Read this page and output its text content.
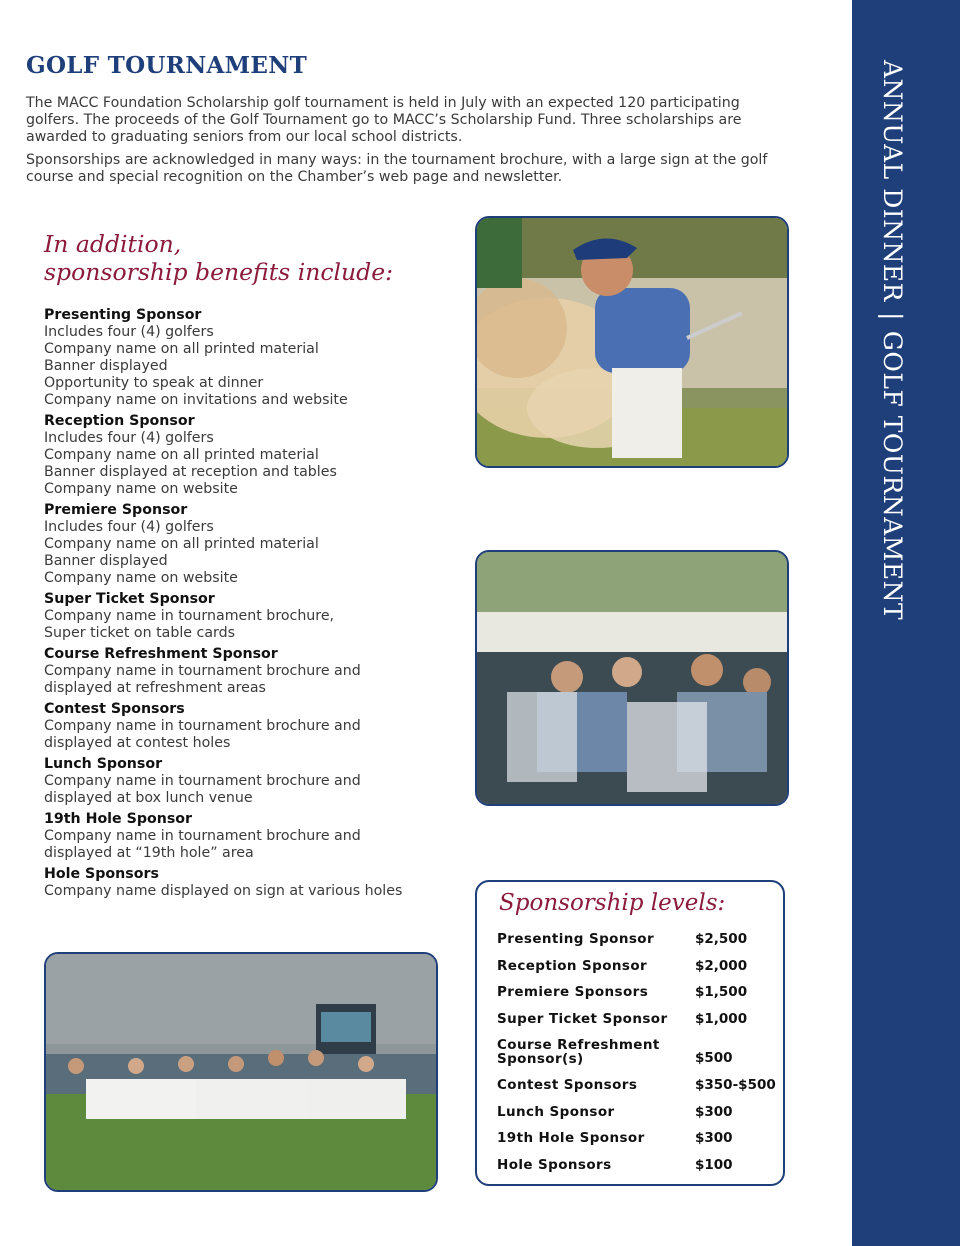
ANNUAL DINNER|GOLF TOURNAMENT
GOLF TOURNAMENT

The MACC Foundation Scholarship golf tournament is held in July with an expected 120 participating golfers. The proceeds of the Golf Tournament go to MACC’s Scholarship Fund. Three scholarships are awarded to graduating seniors from our local school districts.

Sponsorships are acknowledged in many ways: in the tournament brochure, with a large sign at the golf course and special recognition on the Chamber’s web page and newsletter.

In addition,
sponsorship benefits include:
Presenting Sponsor
Includes four (4) golfers
Company name on all printed material
Banner displayed
Opportunity to speak at dinner
Company name on invitations and website
Reception Sponsor
Includes four (4) golfers
Company name on all printed material
Banner displayed at reception and tables
Company name on website
Premiere Sponsor
Includes four (4) golfers
Company name on all printed material
Banner displayed
Company name on website
Super Ticket Sponsor
Company name in tournament brochure,
Super ticket on table cards
Course Refreshment Sponsor
Company name in tournament brochure and
displayed at refreshment areas
Contest Sponsors
Company name in tournament brochure and
displayed at contest holes
Lunch Sponsor
Company name in tournament brochure and
displayed at box lunch venue
19th Hole Sponsor
Company name in tournament brochure and
displayed at “19th hole” area
Hole Sponsors
Company name displayed on sign at various holes	Sponsorship levels:
Presenting Sponsor	$2,500
Reception Sponsor	$2,000
Premiere Sponsors	$1,500
Super Ticket Sponsor	$1,000
Course Refreshment Sponsor(s)	$500
Contest Sponsors	$350-$500
Lunch Sponsor	$300
19th Hole Sponsor	$300
Hole Sponsors	$100
